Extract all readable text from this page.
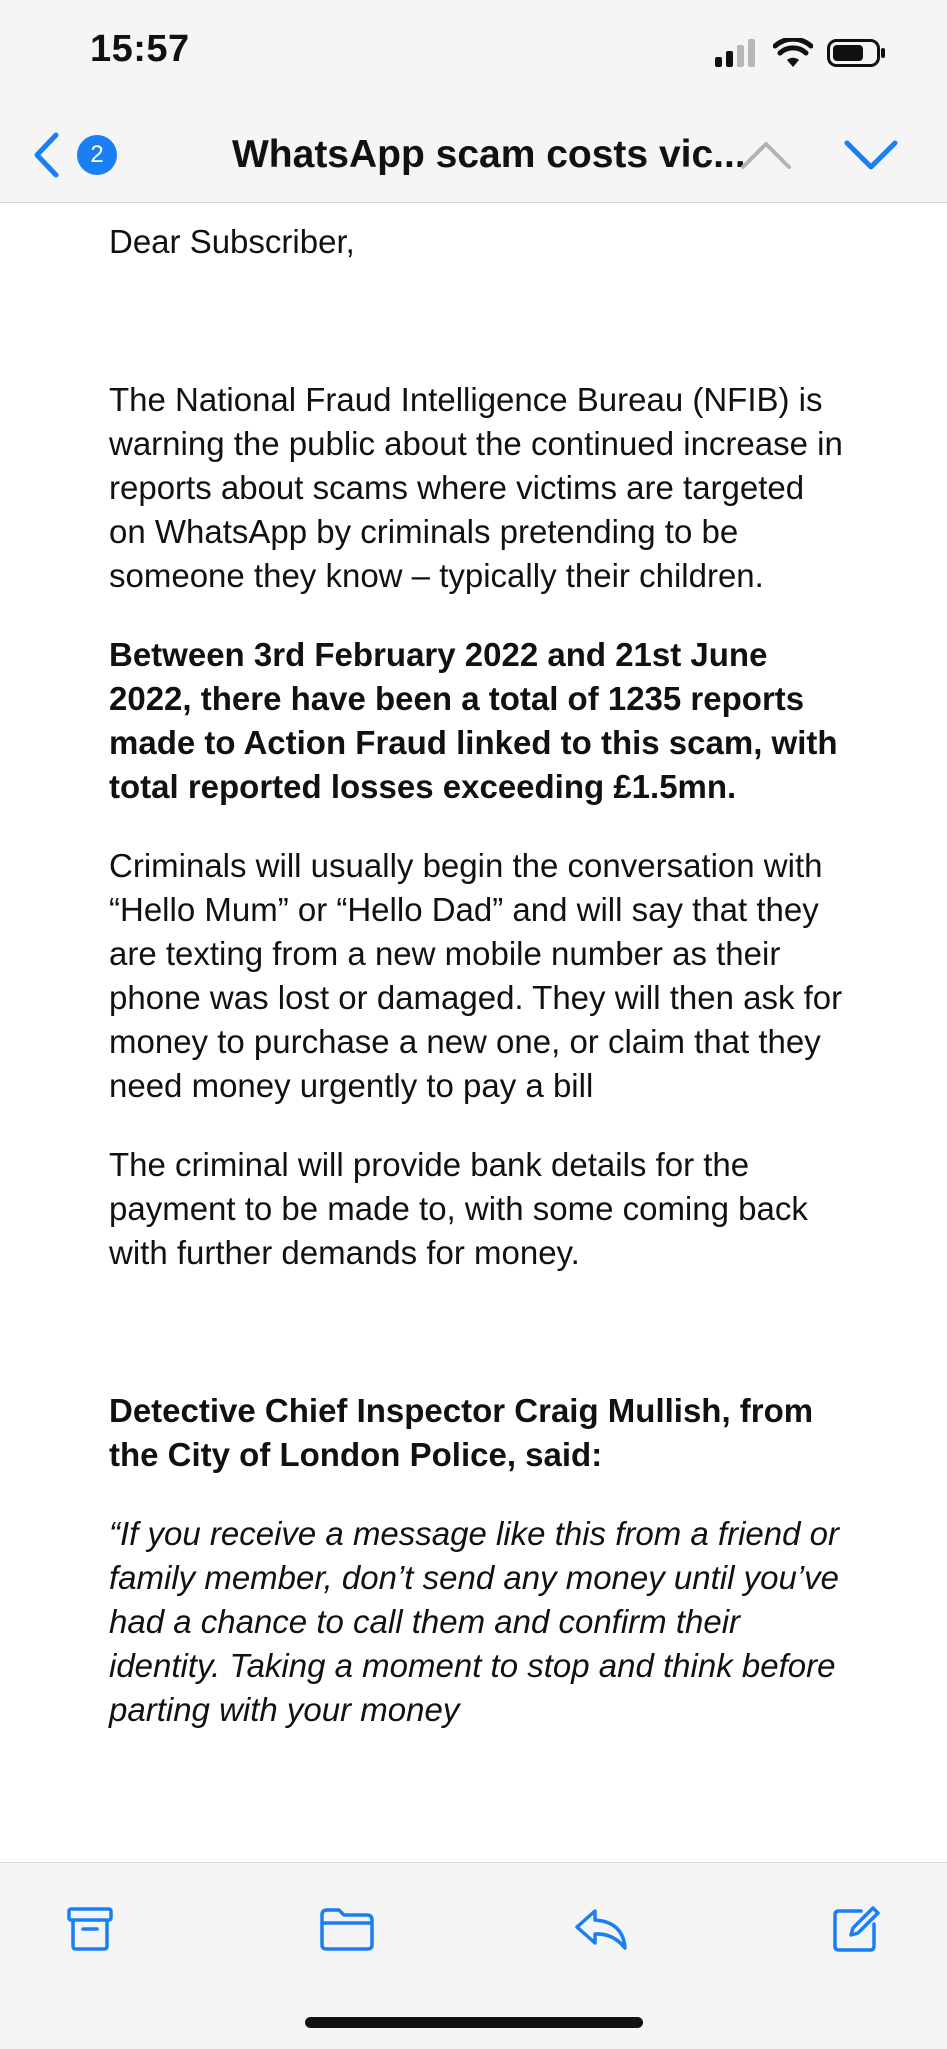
15:57
2	WhatsApp scam costs vic...

Dear Subscriber,

The National Fraud Intelligence Bureau (NFIB) is warning the public about the continued increase in reports about scams where victims are targeted on WhatsApp by criminals pretending to be someone they know – typically their children.

Between 3rd February 2022 and 21st June 2022, there have been a total of 1235 reports made to Action Fraud linked to this scam, with total reported losses exceeding £1.5mn.

Criminals will usually begin the conversation with “Hello Mum” or “Hello Dad” and will say that they are texting from a new mobile number as their phone was lost or damaged. They will then ask for money to purchase a new one, or claim that they need money urgently to pay a bill

The criminal will provide bank details for the payment to be made to, with some coming back with further demands for money.

Detective Chief Inspector Craig Mullish, from the City of London Police, said:

“If you receive a message like this from a friend or family member, don’t send any money until you’ve had a chance to call them and confirm their identity. Taking a moment to stop and think before parting with your money
